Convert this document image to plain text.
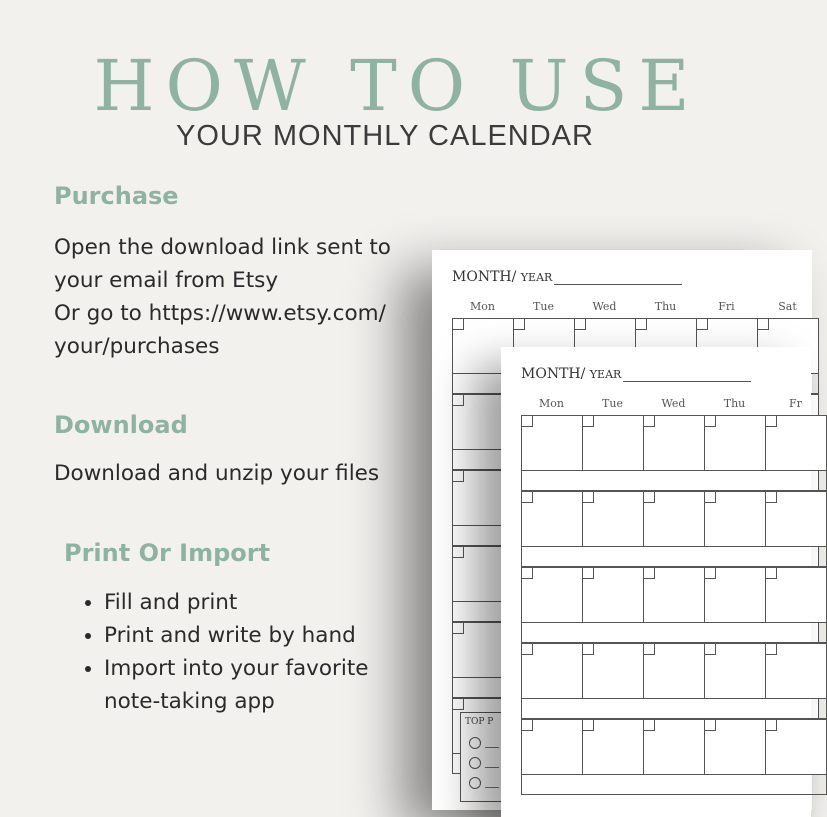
HOW TO USE
YOUR MONTHLY CALENDAR
Purchase
Open the download link sent to
your email from Etsy
Or go to https://www.etsy.com/
your/purchases
Download
Download and unzip your files
Print Or Import
• Fill and print
• Print and write by hand
• Import into your favorite
note-taking app
MONTH/ YEAR
Mon	Tue	Wed	Thu	Fri	Sat
TOP P
MONTH/ YEAR
Mon	Tue	Wed	Thu	Fr
